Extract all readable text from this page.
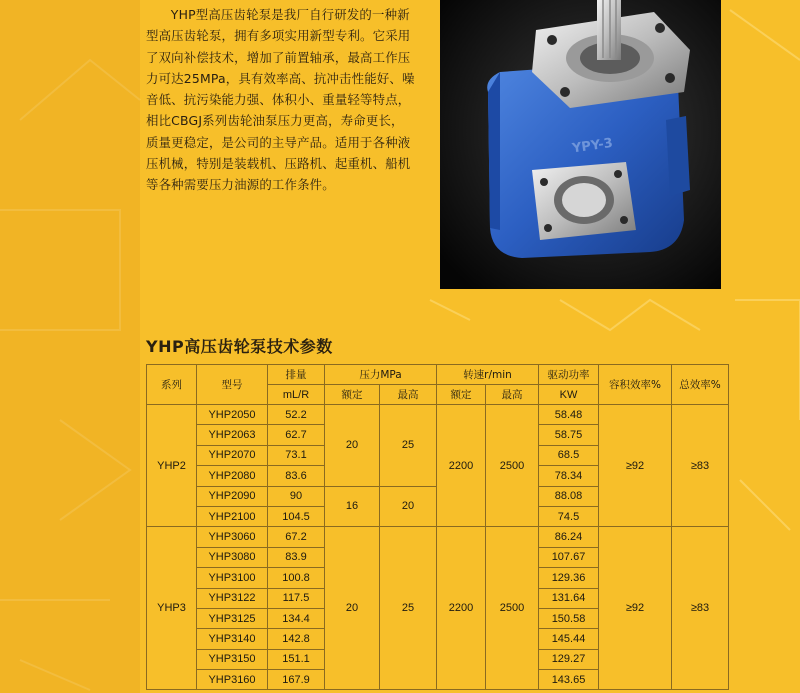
YHP型高压齿轮泵是我厂自行研发的一种新型高压齿轮泵，拥有多项实用新型专利。它采用了双向补偿技术，增加了前置轴承，最高工作压力可达25MPa，具有效率高、抗冲击性能好、噪音低、抗污染能力强、体积小、重量轻等特点，相比CBGJ系列齿轮油泵压力更高，寿命更长，质量更稳定，是公司的主导产品。适用于各种液压机械，特别是装载机、压路机、起重机、船机等各种需要压力油源的工作条件。

YPY-3
YHP高压齿轮泵技术参数
系列	型号	排量	压力MPa		转速r/min		驱动功率	容积效率%	总效率%
		mL/R	额定	最高	额定	最高	KW		
YHP2	YHP2050	52.2	20	25	2200	2500	58.48	≥92	≥83
	YHP2063	62.7					58.75		
	YHP2070	73.1					68.5		
	YHP2080	83.6					78.34		
	YHP2090	90	16	20			88.08		
	YHP2100	104.5					74.5		
YHP3	YHP3060	67.2	20	25	2200	2500	86.24	≥92	≥83
	YHP3080	83.9					107.67		
	YHP3100	100.8					129.36		
	YHP3122	117.5					131.64		
	YHP3125	134.4					150.58		
	YHP3140	142.8					145.44		
	YHP3150	151.1					129.27		
	YHP3160	167.9					143.65		
